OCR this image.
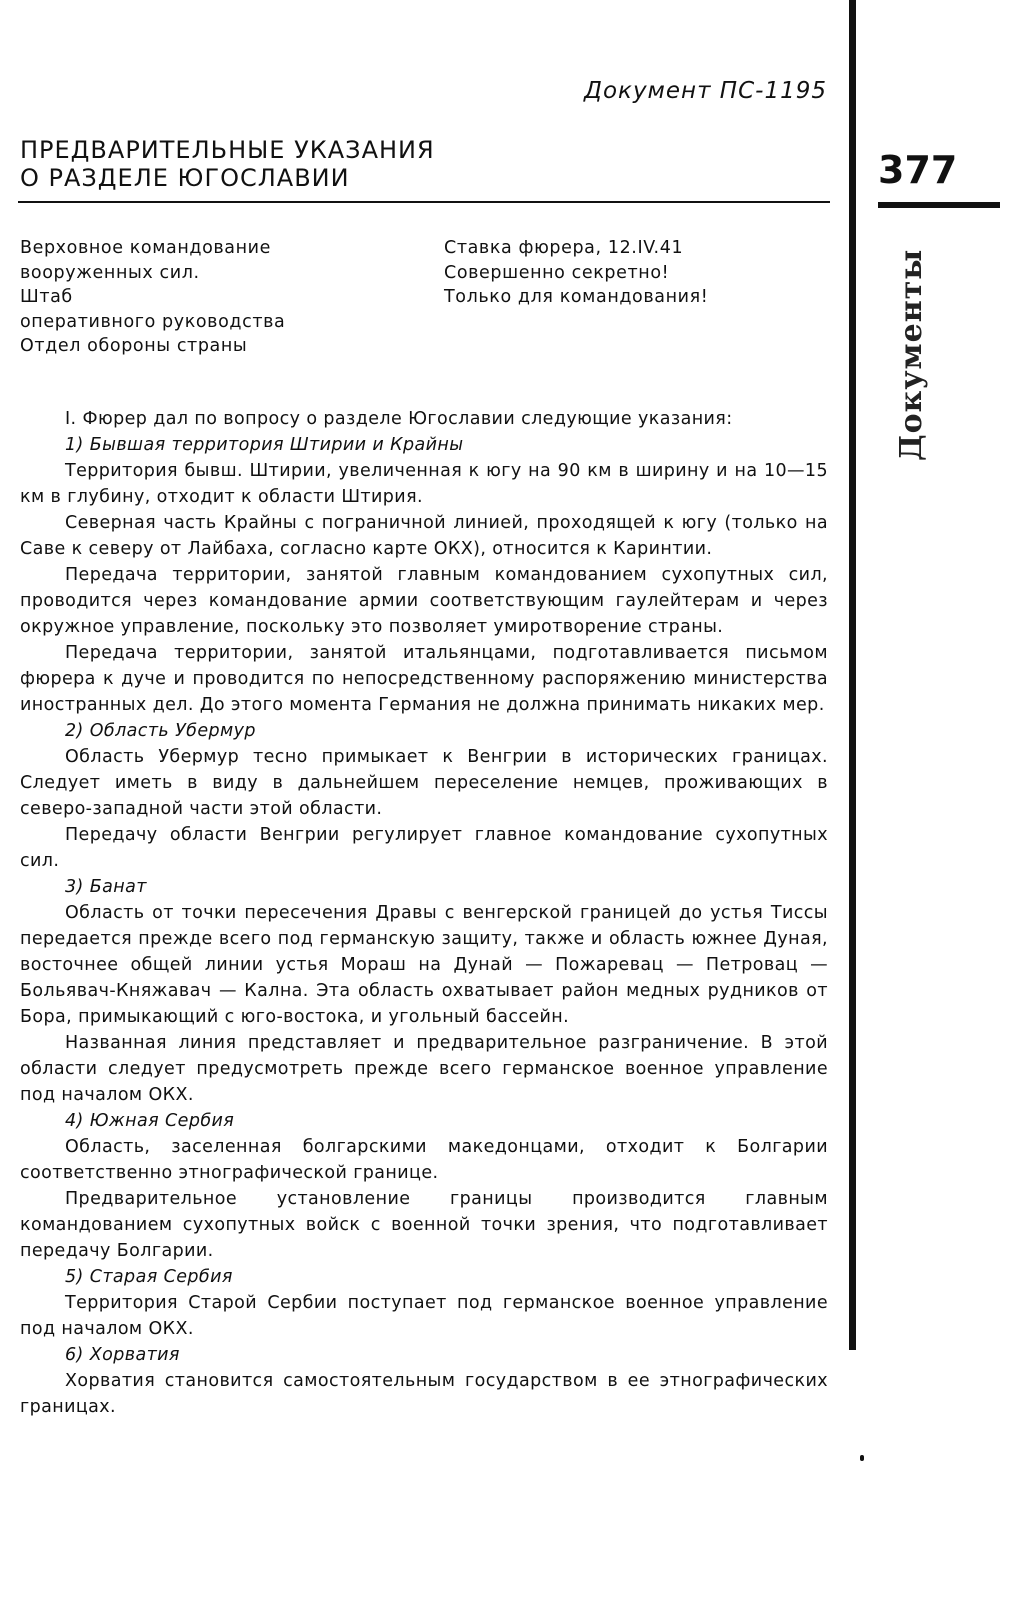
Документ ПС-1195
ПРЕДВАРИТЕЛЬНЫЕ УКАЗАНИЯ
О РАЗДЕЛЕ ЮГОСЛАВИИ	377
Документы
Верховное командование
вооруженных сил.
Штаб
оперативного руководства
Отдел обороны страны
Ставка фюрера, 12.IV.41
Совершенно секретно!
Только для командования!

I. Фюрер дал по вопросу о разделе Югославии следующие указания:

1) Бывшая территория Штирии и Крайны

Территория бывш. Штирии, увеличенная к югу на 90 км в ширину и на 10—15 км в глубину, отходит к области Штирия.

Северная часть Крайны с пограничной линией, проходящей к югу (только на Саве к северу от Лайбаха, согласно карте ОКХ), относится к Каринтии.

Передача территории, занятой главным командованием сухопутных сил, проводится через командование армии соответствующим гаулейтерам и через окружное управление, поскольку это позволяет умиротворение страны.

Передача территории, занятой итальянцами, подготавливается письмом фюрера к дуче и проводится по непосредственному распоряжению министерства иностранных дел. До этого момента Германия не должна принимать никаких мер.

2) Область Убермур

Область Убермур тесно примыкает к Венгрии в исторических границах. Следует иметь в виду в дальнейшем переселение немцев, проживающих в северо-западной части этой области.

Передачу области Венгрии регулирует главное командование сухопутных сил.

3) Банат

Область от точки пересечения Дравы с венгерской границей до устья Тиссы передается прежде всего под германскую защиту, также и область южнее Дуная, восточнее общей линии устья Мораш на Дунай — Пожаревац — Петровац — Больявач-Княжавач — Кална. Эта область охватывает район медных рудников от Бора, примыкающий с юго-востока, и угольный бассейн.

Названная линия представляет и предварительное разграничение. В этой области следует предусмотреть прежде всего германское военное управление под началом ОКХ.

4) Южная Сербия

Область, заселенная болгарскими македонцами, отходит к Болгарии соответственно этнографической границе.

Предварительное установление границы производится главным командованием сухопутных войск с военной точки зрения, что подготавливает передачу Болгарии.

5) Старая Сербия

Территория Старой Сербии поступает под германское военное управление под началом ОКХ.

6) Хорватия

Хорватия становится самостоятельным государством в ее этнографических границах.
